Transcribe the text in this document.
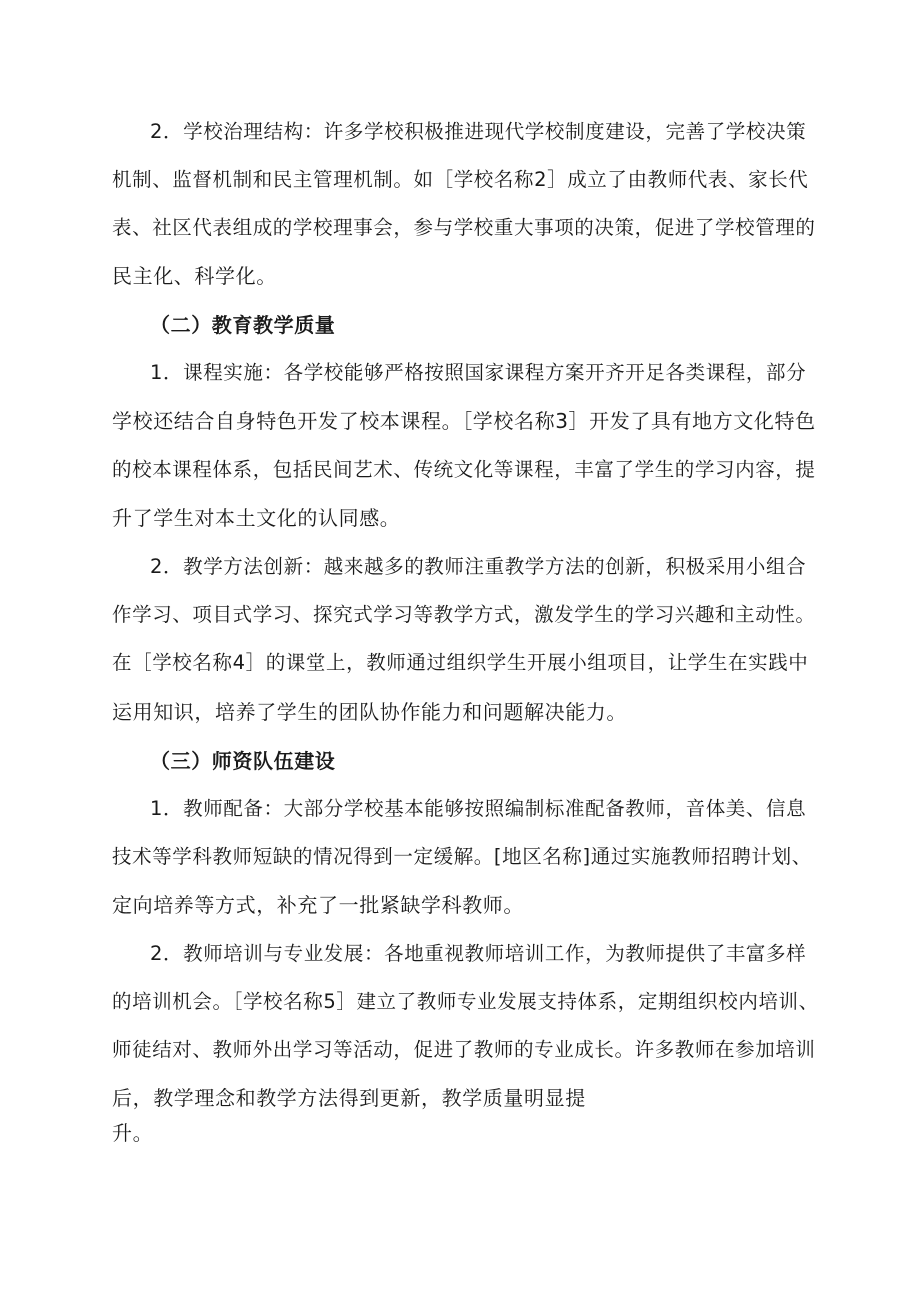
2．学校治理结构：许多学校积极推进现代学校制度建设，完善了学校决策
机制、监督机制和民主管理机制。如［学校名称2］成立了由教师代表、家长代
表、社区代表组成的学校理事会，参与学校重大事项的决策，促进了学校管理的
民主化、科学化。
（二）教育教学质量
1．课程实施：各学校能够严格按照国家课程方案开齐开足各类课程，部分
学校还结合自身特色开发了校本课程。［学校名称3］开发了具有地方文化特色
的校本课程体系，包括民间艺术、传统文化等课程，丰富了学生的学习内容，提
升了学生对本土文化的认同感。
2．教学方法创新：越来越多的教师注重教学方法的创新，积极采用小组合
作学习、项目式学习、探究式学习等教学方式，激发学生的学习兴趣和主动性。
在［学校名称4］的课堂上，教师通过组织学生开展小组项目，让学生在实践中
运用知识，培养了学生的团队协作能力和问题解决能力。
（三）师资队伍建设
1．教师配备：大部分学校基本能够按照编制标准配备教师，音体美、信息
技术等学科教师短缺的情况得到一定缓解。[地区名称]通过实施教师招聘计划、
定向培养等方式，补充了一批紧缺学科教师。
2．教师培训与专业发展：各地重视教师培训工作，为教师提供了丰富多样
的培训机会。［学校名称5］建立了教师专业发展支持体系，定期组织校内培训、
师徒结对、教师外出学习等活动，促进了教师的专业成长。许多教师在参加培训
后，教学理念和教学方法得到更新，教学质量明显提
升。
